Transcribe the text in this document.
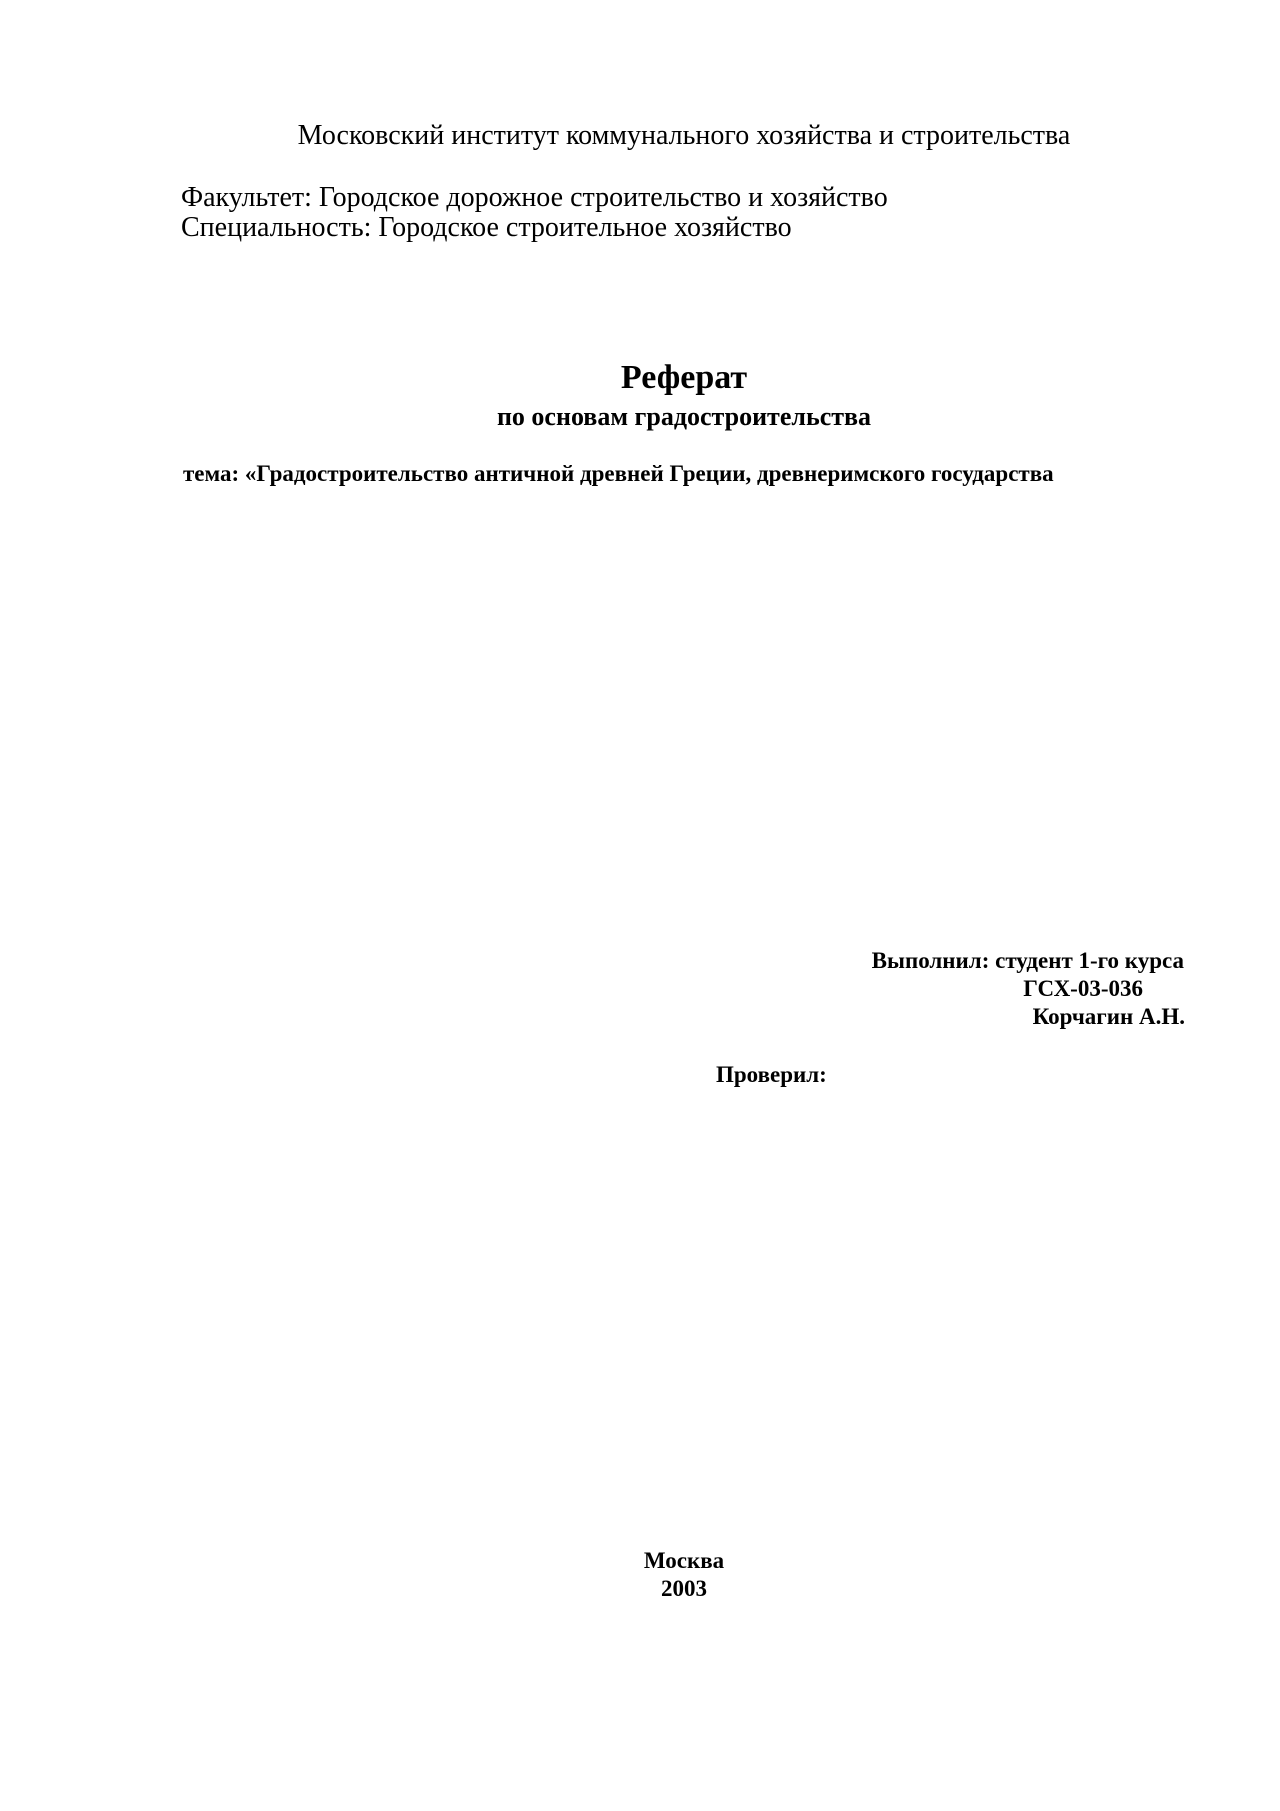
Московский институт коммунального хозяйства и строительства

Факультет: Городское дорожное строительство и хозяйство

Специальность: Городское строительное хозяйство

Реферат
по основам градостроительства

тема: «Градостроительство античной древней Греции, древнеримского государства

Выполнил: студент 1-го курса

ГСХ-03-036

Корчагин А.Н.

Проверил:

Москва

2003
